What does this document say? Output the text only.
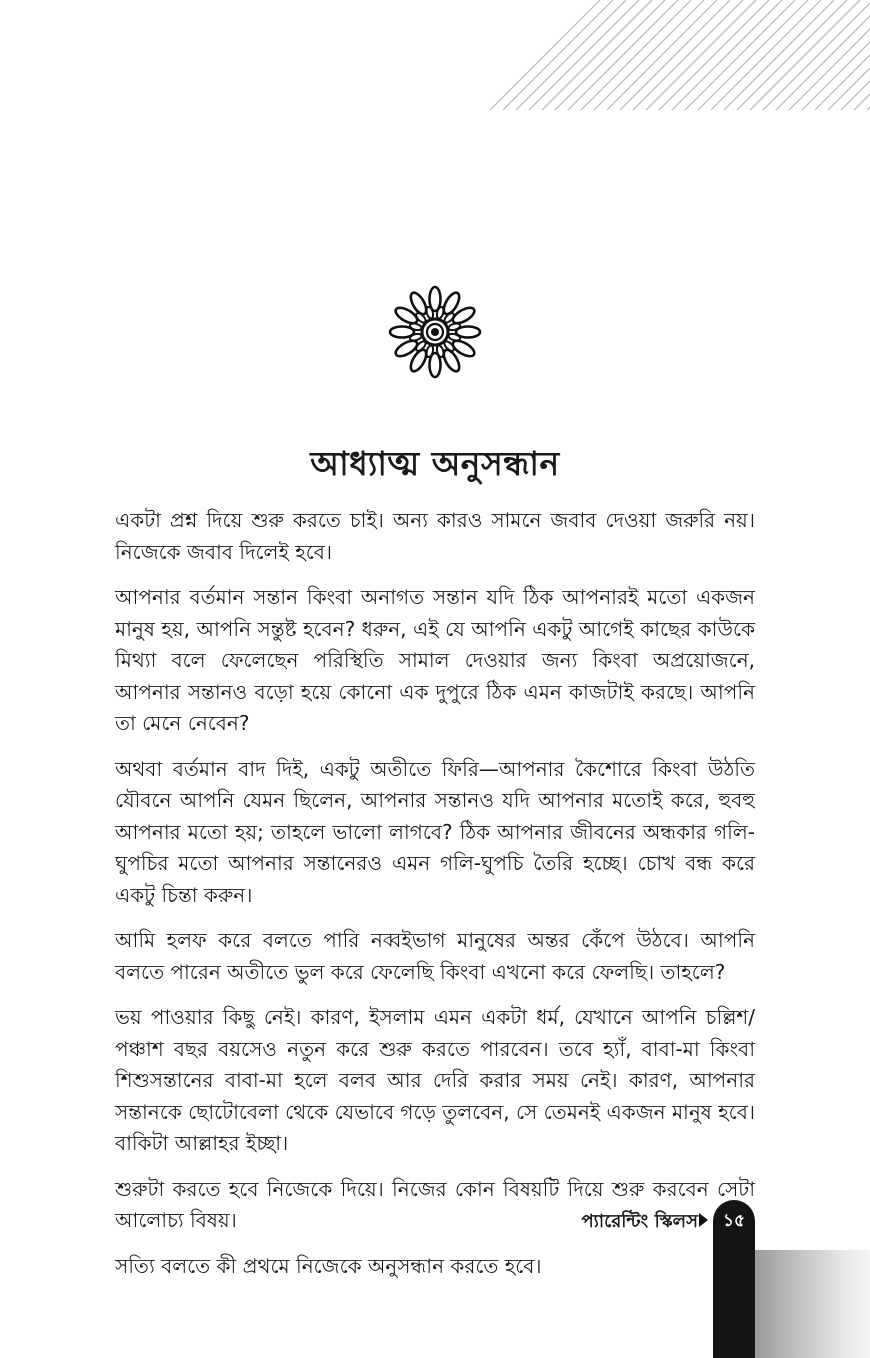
আধ্যাত্ম অনুসন্ধান

একটা প্রশ্ন দিয়ে শুরু করতে চাই। অন্য কারও সামনে জবাব দেওয়া জরুরি নয়। নিজেকে জবাব দিলেই হবে।

আপনার বর্তমান সন্তান কিংবা অনাগত সন্তান যদি ঠিক আপনারই মতো একজন মানুষ হয়, আপনি সন্তুষ্ট হবেন? ধরুন, এই যে আপনি একটু আগেই কাছের কাউকে মিথ্যা বলে ফেলেছেন পরিস্থিতি সামাল দেওয়ার জন্য কিংবা অপ্রয়োজনে, আপনার সন্তানও বড়ো হয়ে কোনো এক দুপুরে ঠিক এমন কাজটাই করছে। আপনি তা মেনে নেবেন?

অথবা বর্তমান বাদ দিই, একটু অতীতে ফিরি—আপনার কৈশোরে কিংবা উঠতি যৌবনে আপনি যেমন ছিলেন, আপনার সন্তানও যদি আপনার মতোই করে, হুবহু আপনার মতো হয়; তাহলে ভালো লাগবে? ঠিক আপনার জীবনের অন্ধকার গলি-ঘুপচির মতো আপনার সন্তানেরও এমন গলি-ঘুপচি তৈরি হচ্ছে। চোখ বন্ধ করে একটু চিন্তা করুন।

আমি হলফ করে বলতে পারি নব্বইভাগ মানুষের অন্তর কেঁপে উঠবে। আপনি বলতে পারেন অতীতে ভুল করে ফেলেছি কিংবা এখনো করে ফেলছি। তাহলে?

ভয় পাওয়ার কিছু নেই। কারণ, ইসলাম এমন একটা ধর্ম, যেখানে আপনি চল্লিশ/পঞ্চাশ বছর বয়সেও নতুন করে শুরু করতে পারবেন। তবে হ্যাঁ, বাবা-মা কিংবা শিশুসন্তানের বাবা-মা হলে বলব আর দেরি করার সময় নেই। কারণ, আপনার সন্তানকে ছোটোবেলা থেকে যেভাবে গড়ে তুলবেন, সে তেমনই একজন মানুষ হবে। বাকিটা আল্লাহর ইচ্ছা।

শুরুটা করতে হবে নিজেকে দিয়ে। নিজের কোন বিষয়টি দিয়ে শুরু করবেন সেটা আলোচ্য বিষয়।

সত্যি বলতে কী প্রথমে নিজেকে অনুসন্ধান করতে হবে।

প্যারেন্টিং স্কিলস	১৫
